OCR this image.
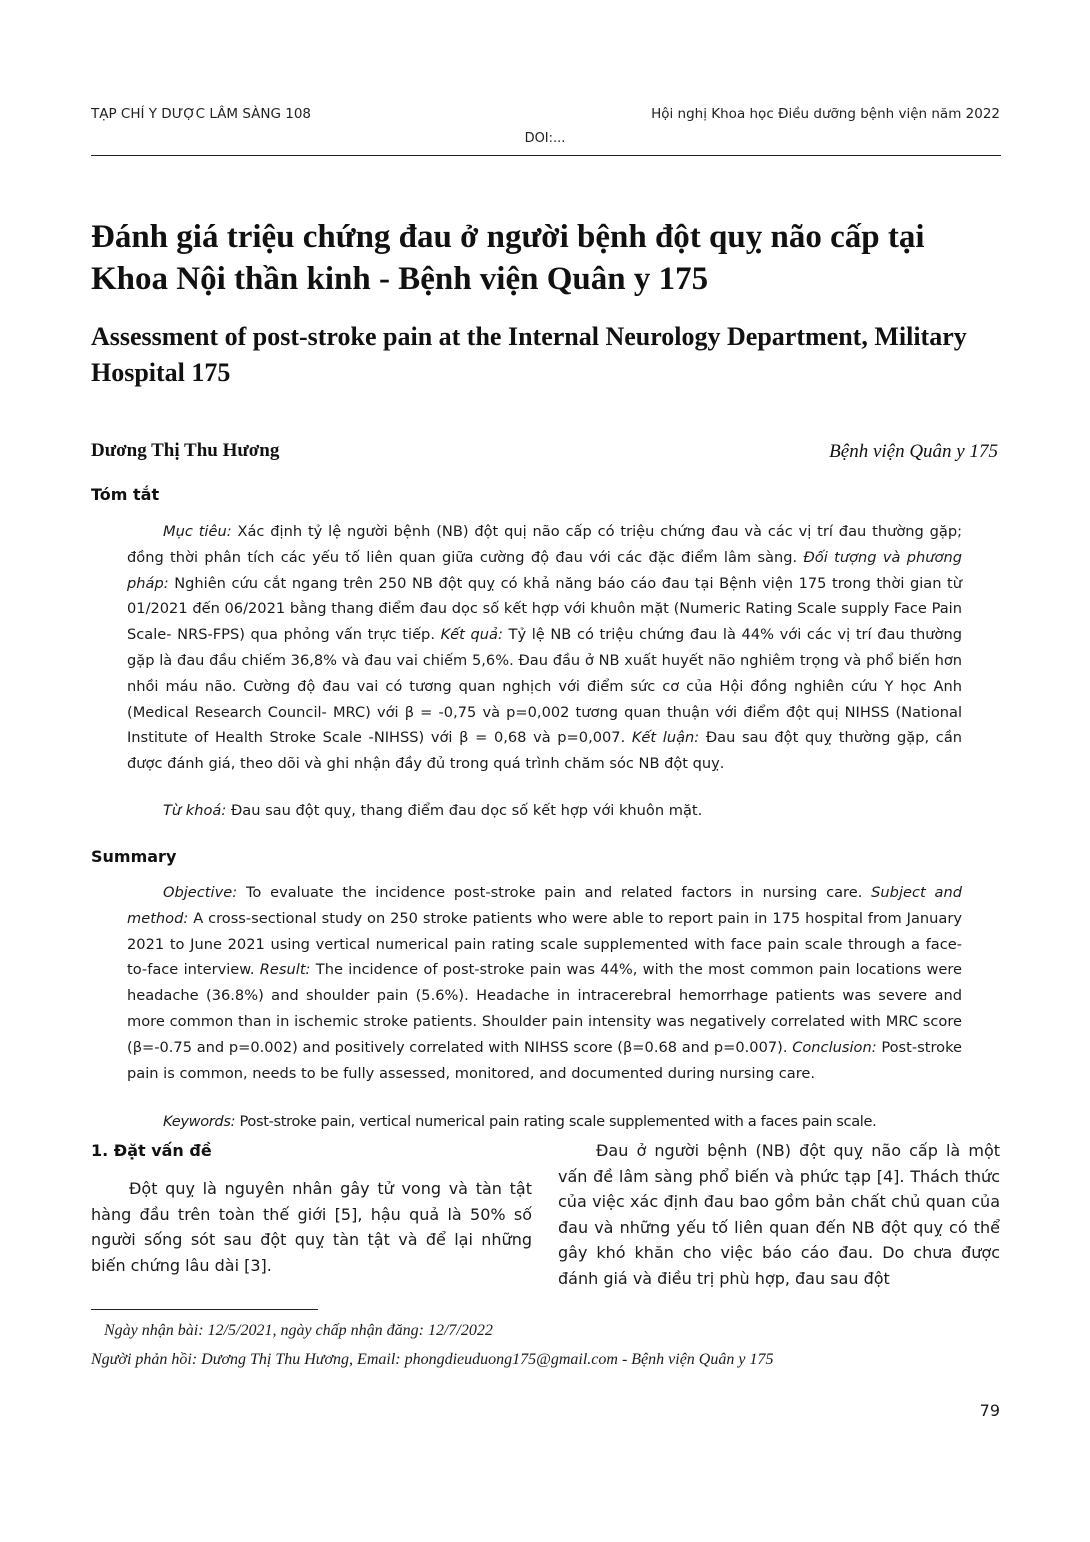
TẠP CHÍ Y DƯỢC LÂM SÀNG 108	Hội nghị Khoa học Điều dưỡng bệnh viện năm 2022
DOI:...
Đánh giá triệu chứng đau ở người bệnh đột quỵ não cấp tại Khoa Nội thần kinh - Bệnh viện Quân y 175
Assessment of post-stroke pain at the Internal Neurology Department, Military Hospital 175
Dương Thị Thu Hương	Bệnh viện Quân y 175
Tóm tắt

Mục tiêu: Xác định tỷ lệ người bệnh (NB) đột quị não cấp có triệu chứng đau và các vị trí đau thường gặp; đồng thời phân tích các yếu tố liên quan giữa cường độ đau với các đặc điểm lâm sàng. Đối tượng và phương pháp: Nghiên cứu cắt ngang trên 250 NB đột quỵ có khả năng báo cáo đau tại Bệnh viện 175 trong thời gian từ 01/2021 đến 06/2021 bằng thang điểm đau dọc số kết hợp với khuôn mặt (Numeric Rating Scale supply Face Pain Scale- NRS-FPS) qua phỏng vấn trực tiếp. Kết quả: Tỷ lệ NB có triệu chứng đau là 44% với các vị trí đau thường gặp là đau đầu chiếm 36,8% và đau vai chiếm 5,6%. Đau đầu ở NB xuất huyết não nghiêm trọng và phổ biến hơn nhồi máu não. Cường độ đau vai có tương quan nghịch với điểm sức cơ của Hội đồng nghiên cứu Y học Anh (Medical Research Council- MRC) với β = -0,75 và p=0,002 tương quan thuận với điểm đột quị NIHSS (National Institute of Health Stroke Scale -NIHSS) với β = 0,68 và p=0,007. Kết luận: Đau sau đột quỵ thường gặp, cần được đánh giá, theo dõi và ghi nhận đầy đủ trong quá trình chăm sóc NB đột quỵ.

Từ khoá: Đau sau đột quỵ, thang điểm đau dọc số kết hợp với khuôn mặt.
Summary

Objective: To evaluate the incidence post-stroke pain and related factors in nursing care. Subject and method: A cross-sectional study on 250 stroke patients who were able to report pain in 175 hospital from January 2021 to June 2021 using vertical numerical pain rating scale supplemented with face pain scale through a face-to-face interview. Result: The incidence of post-stroke pain was 44%, with the most common pain locations were headache (36.8%) and shoulder pain (5.6%). Headache in intracerebral hemorrhage patients was severe and more common than in ischemic stroke patients. Shoulder pain intensity was negatively correlated with MRC score (β=-0.75 and p=0.002) and positively correlated with NIHSS score (β=0.68 and p=0.007). Conclusion: Post-stroke pain is common, needs to be fully assessed, monitored, and documented during nursing care.

Keywords: Post-stroke pain, vertical numerical pain rating scale supplemented with a faces pain scale.
1. Đặt vấn đề

Đột quỵ là nguyên nhân gây tử vong và tàn tật hàng đầu trên toàn thế giới [5], hậu quả là 50% số người sống sót sau đột quỵ tàn tật và để lại những biến chứng lâu dài [3].

Đau ở người bệnh (NB) đột quỵ não cấp là một vấn đề lâm sàng phổ biến và phức tạp [4]. Thách thức của việc xác định đau bao gồm bản chất chủ quan của đau và những yếu tố liên quan đến NB đột quỵ có thể gây khó khăn cho việc báo cáo đau. Do chưa được đánh giá và điều trị phù hợp, đau sau đột

Ngày nhận bài: 12/5/2021, ngày chấp nhận đăng: 12/7/2022
Người phản hồi: Dương Thị Thu Hương, Email: phongdieuduong175@gmail.com - Bệnh viện Quân y 175
79
